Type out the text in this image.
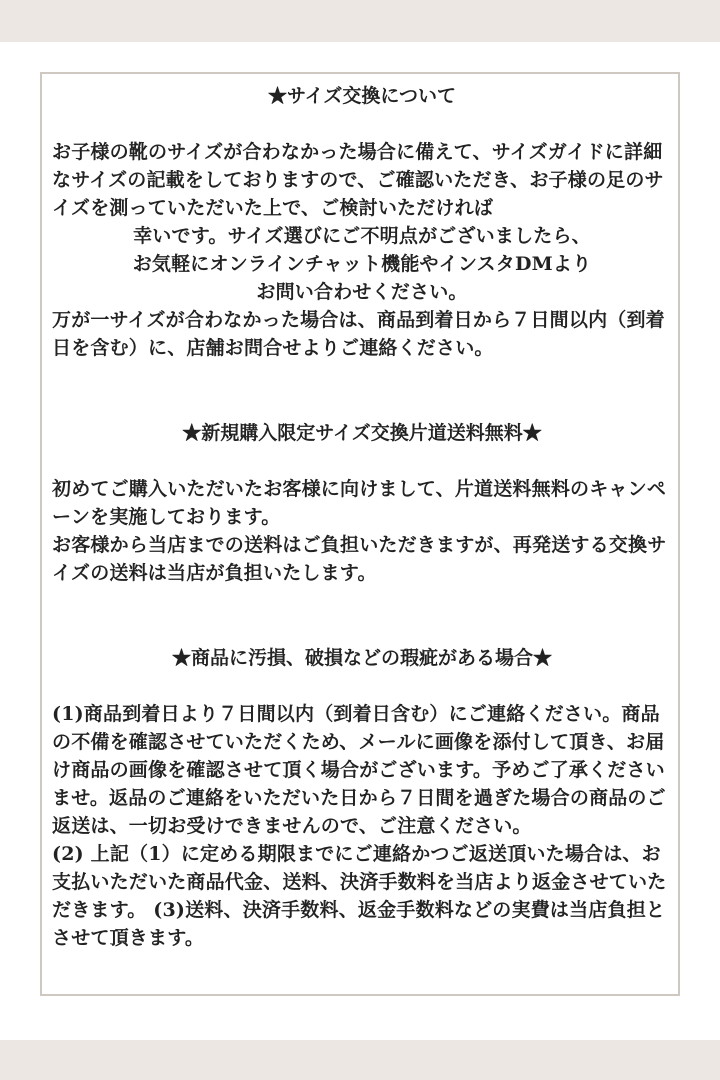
★サイズ交換について

お子様の靴のサイズが合わなかった場合に備えて、サイズガイドに詳細なサイズの記載をしておりますので、ご確認いただき、お子様の足のサイズを測っていただいた上で、ご検討いただければ

幸いです。サイズ選びにご不明点がございましたら、
お気軽にオンラインチャット機能やインスタDMより
お問い合わせください。

万が一サイズが合わなかった場合は、商品到着日から７日間以内（到着日を含む）に、店舗お問合せよりご連絡ください。

★新規購入限定サイズ交換片道送料無料★

初めてご購入いただいたお客様に向けまして、片道送料無料のキャンペーンを実施しております。
お客様から当店までの送料はご負担いただきますが、再発送する交換サイズの送料は当店が負担いたします。

★商品に汚損、破損などの瑕疵がある場合★

(1)商品到着日より７日間以内（到着日含む）にご連絡ください。商品の不備を確認させていただくため、メールに画像を添付して頂き、お届け商品の画像を確認させて頂く場合がございます。予めご了承くださいませ。返品のご連絡をいただいた日から７日間を過ぎた場合の商品のご返送は、一切お受けできませんので、ご注意ください。
(2) 上記（1）に定める期限までにご連絡かつご返送頂いた場合は、お支払いただいた商品代金、送料、決済手数料を当店より返金させていただきます。 (3)送料、決済手数料、返金手数料などの実費は当店負担とさせて頂きます。
